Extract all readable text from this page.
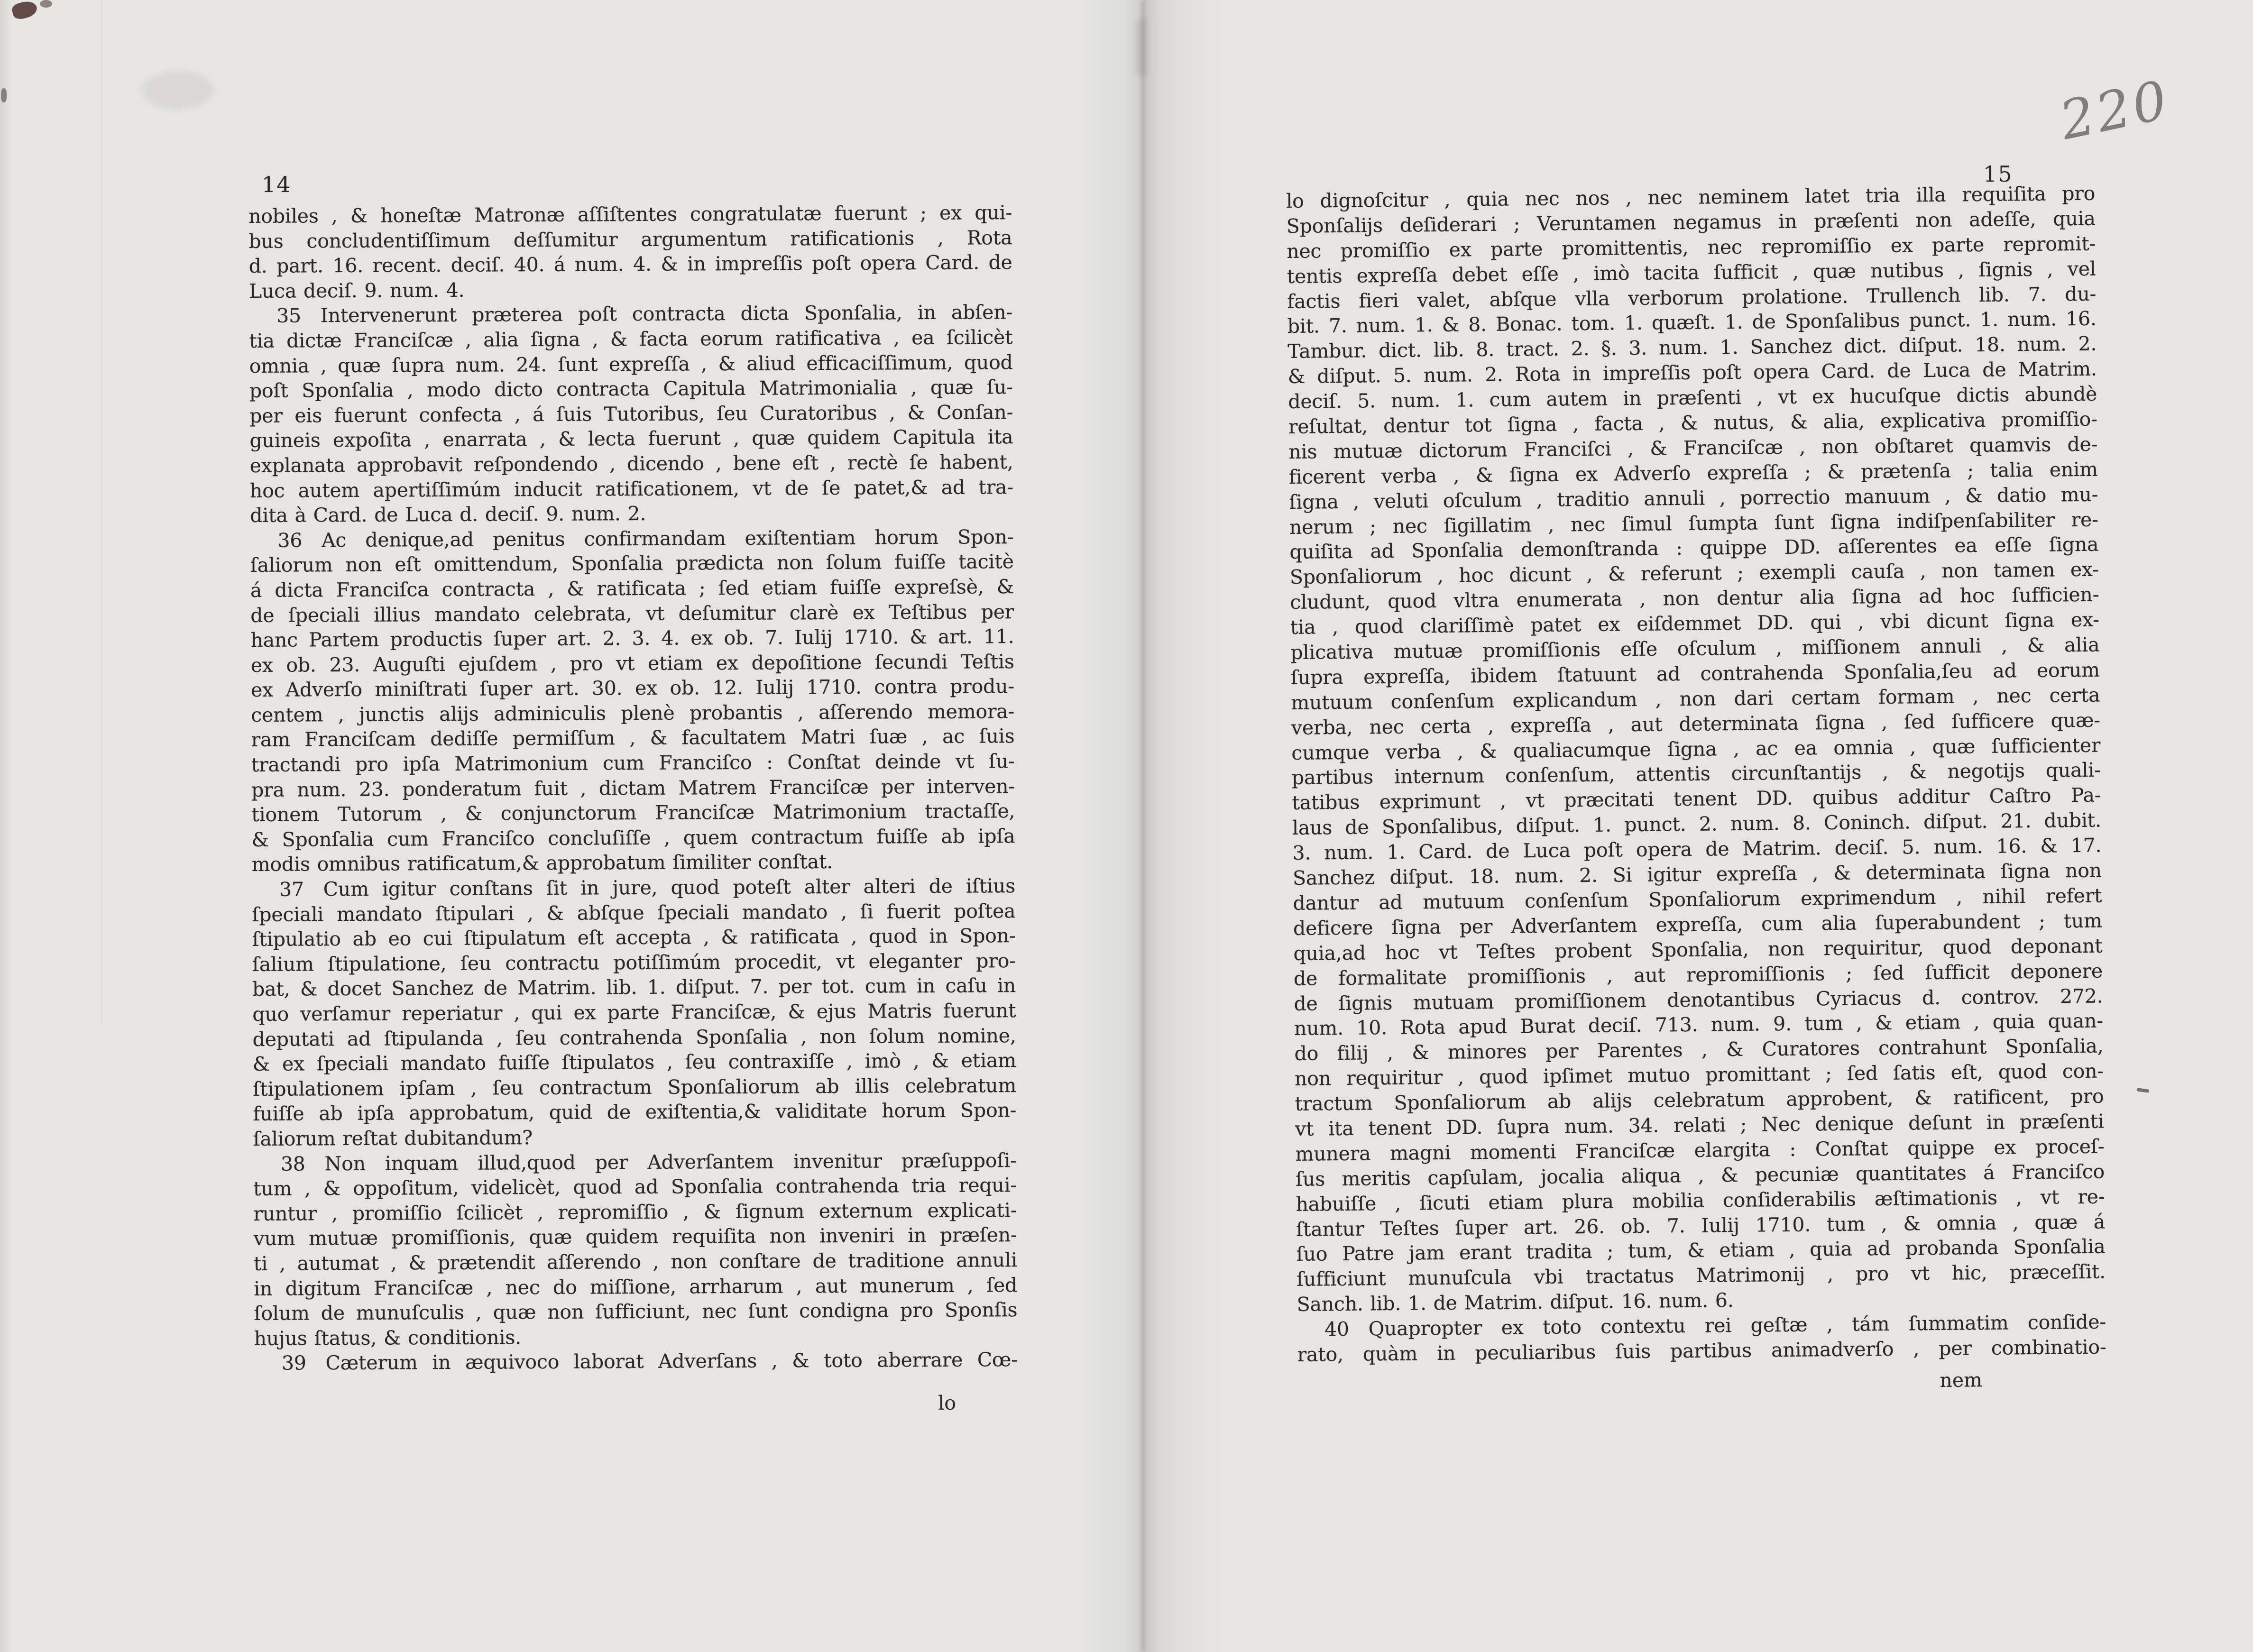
14	15
220
nobiles , & honeſtæ Matronæ aſſiſtentes congratulatæ fuerunt ; ex qui-
bus concludentiſſimum deſſumitur argumentum ratificationis , Rota
d. part. 16. recent. deciſ. 40. á num. 4. & in impreſſis poſt opera Card. de
Luca deciſ. 9. num. 4.
35 Intervenerunt præterea poſt contracta dicta Sponſalia, in abſen-
tia dictæ Franciſcæ , alia ſigna , & facta eorum ratificativa , ea ſcilicèt
omnia , quæ ſupra num. 24. ſunt expreſſa , & aliud efficaciſſimum, quod
poſt Sponſalia , modo dicto contracta Capitula Matrimonialia , quæ ſu-
per eis fuerunt confecta , á ſuis Tutoribus, ſeu Curatoribus , & Conſan-
guineis expoſita , enarrata , & lecta fuerunt , quæ quidem Capitula ita
explanata approbavit reſpondendo , dicendo , bene eſt , rectè ſe habent,
hoc autem apertiſſimúm inducit ratificationem, vt de ſe patet,& ad tra-
dita à Card. de Luca d. deciſ. 9. num. 2.
36 Ac denique,ad penitus confirmandam exiſtentiam horum Spon-
ſaliorum non eſt omittendum, Sponſalia prædicta non ſolum fuiſſe tacitè
á dicta Franciſca contracta , & ratificata ; ſed etiam fuiſſe expreſsè, &
de ſpeciali illius mandato celebrata, vt deſumitur clarè ex Teſtibus per
hanc Partem productis ſuper art. 2. 3. 4. ex ob. 7. Iulij 1710. & art. 11.
ex ob. 23. Auguſti ejuſdem , pro vt etiam ex depoſitione ſecundi Teſtis
ex Adverſo miniſtrati ſuper art. 30. ex ob. 12. Iulij 1710. contra produ-
centem , junctis alijs adminiculis plenè probantis , aſſerendo memora-
ram Franciſcam dediſſe permiſſum , & facultatem Matri ſuæ , ac ſuis
tractandi pro ipſa Matrimonium cum Franciſco : Conſtat deinde vt ſu-
pra num. 23. ponderatum fuit , dictam Matrem Franciſcæ per interven-
tionem Tutorum , & conjunctorum Franciſcæ Matrimonium tractaſſe,
& Sponſalia cum Franciſco concluſiſſe , quem contractum fuiſſe ab ipſa
modis omnibus ratificatum,& approbatum ſimiliter conſtat.
37 Cum igitur conſtans ſit in jure, quod poteſt alter alteri de iſtius
ſpeciali mandato ſtipulari , & abſque ſpeciali mandato , ſi fuerit poſtea
ſtipulatio ab eo cui ſtipulatum eſt accepta , & ratificata , quod in Spon-
ſalium ſtipulatione, ſeu contractu potiſſimúm procedit, vt eleganter pro-
bat, & docet Sanchez de Matrim. lib. 1. diſput. 7. per tot. cum in caſu in
quo verſamur reperiatur , qui ex parte Franciſcæ, & ejus Matris fuerunt
deputati ad ſtipulanda , ſeu contrahenda Sponſalia , non ſolum nomine,
& ex ſpeciali mandato fuiſſe ſtipulatos , ſeu contraxiſſe , imò , & etiam
ſtipulationem ipſam , ſeu contractum Sponſaliorum ab illis celebratum
fuiſſe ab ipſa approbatum, quid de exiſtentia,& validitate horum Spon-
ſaliorum reſtat dubitandum?
38 Non inquam illud,quod per Adverſantem invenitur præſuppoſi-
tum , & oppoſitum, videlicèt, quod ad Sponſalia contrahenda tria requi-
runtur , promiſſio ſcilicèt , repromiſſio , & ſignum externum explicati-
vum mutuæ promiſſionis, quæ quidem requiſita non inveniri in præſen-
ti , autumat , & prætendit aſſerendo , non conſtare de traditione annuli
in digitum Franciſcæ , nec do miſſione, arrharum , aut munerum , ſed
ſolum de munuſculis , quæ non ſufficiunt, nec ſunt condigna pro Sponſis
hujus ſtatus, & conditionis.
39 Cæterum in æquivoco laborat Adverſans , & toto aberrare Cœ-
lo dignoſcitur , quia nec nos , nec neminem latet tria illa requiſita pro
Sponſalijs deſiderari ; Veruntamen negamus in præſenti non adeſſe, quia
nec promiſſio ex parte promittentis, nec repromiſſio ex parte repromit-
tentis expreſſa debet eſſe , imò tacita ſufficit , quæ nutibus , ſignis , vel
factis fieri valet, abſque vlla verborum prolatione. Trullench lib. 7. du-
bit. 7. num. 1. & 8. Bonac. tom. 1. quæſt. 1. de Sponſalibus punct. 1. num. 16.
Tambur. dict. lib. 8. tract. 2. §. 3. num. 1. Sanchez dict. diſput. 18. num. 2.
& diſput. 5. num. 2. Rota in impreſſis poſt opera Card. de Luca de Matrim.
deciſ. 5. num. 1. cum autem in præſenti , vt ex hucuſque dictis abundè
reſultat, dentur tot ſigna , facta , & nutus, & alia, explicativa promiſſio-
nis mutuæ dictorum Franciſci , & Franciſcæ , non obſtaret quamvis de-
ficerent verba , & ſigna ex Adverſo expreſſa ; & prætenſa ; talia enim
ſigna , veluti oſculum , traditio annuli , porrectio manuum , & datio mu-
nerum ; nec ſigillatim , nec ſimul ſumpta ſunt ſigna indiſpenſabiliter re-
quiſita ad Sponſalia demonſtranda : quippe DD. aſſerentes ea eſſe ſigna
Sponſaliorum , hoc dicunt , & referunt ; exempli cauſa , non tamen ex-
cludunt, quod vltra enumerata , non dentur alia ſigna ad hoc ſufficien-
tia , quod clariſſimè patet ex eiſdemmet DD. qui , vbi dicunt ſigna ex-
plicativa mutuæ promiſſionis eſſe oſculum , miſſionem annuli , & alia
ſupra expreſſa, ibidem ſtatuunt ad contrahenda Sponſalia,ſeu ad eorum
mutuum conſenſum explicandum , non dari certam formam , nec certa
verba, nec certa , expreſſa , aut determinata ſigna , ſed ſufficere quæ-
cumque verba , & qualiacumque ſigna , ac ea omnia , quæ ſufficienter
partibus internum conſenſum, attentis circunſtantijs , & negotijs quali-
tatibus exprimunt , vt præcitati tenent DD. quibus additur Caſtro Pa-
laus de Sponſalibus, diſput. 1. punct. 2. num. 8. Coninch. diſput. 21. dubit.
3. num. 1. Card. de Luca poſt opera de Matrim. deciſ. 5. num. 16. & 17.
Sanchez diſput. 18. num. 2. Si igitur expreſſa , & determinata ſigna non
dantur ad mutuum conſenſum Sponſaliorum exprimendum , nihil refert
deficere ſigna per Adverſantem expreſſa, cum alia ſuperabundent ; tum
quia,ad hoc vt Teſtes probent Sponſalia, non requiritur, quod deponant
de formalitate promiſſionis , aut repromiſſionis ; ſed ſufficit deponere
de ſignis mutuam promiſſionem denotantibus Cyriacus d. controv. 272.
num. 10. Rota apud Burat deciſ. 713. num. 9. tum , & etiam , quia quan-
do filij , & minores per Parentes , & Curatores contrahunt Sponſalia,
non requiritur , quod ipſimet mutuo promittant ; ſed ſatis eſt, quod con-
tractum Sponſaliorum ab alijs celebratum approbent, & ratificent, pro
vt ita tenent DD. ſupra num. 34. relati ; Nec denique deſunt in præſenti
munera magni momenti Franciſcæ elargita : Conſtat quippe ex proceſ-
ſus meritis capſulam, jocalia aliqua , & pecuniæ quantitates á Franciſco
habuiſſe , ſicuti etiam plura mobilia conſiderabilis æſtimationis , vt re-
ſtantur Teſtes ſuper art. 26. ob. 7. Iulij 1710. tum , & omnia , quæ á
ſuo Patre jam erant tradita ; tum, & etiam , quia ad probanda Sponſalia
ſufficiunt munuſcula vbi tractatus Matrimonij , pro vt hic, præceſſit.
Sanch. lib. 1. de Matrim. diſput. 16. num. 6.
40 Quapropter ex toto contextu rei geſtæ , tám ſummatim conſide-
rato, quàm in peculiaribus ſuis partibus animadverſo , per combinatio-
lo
nem
